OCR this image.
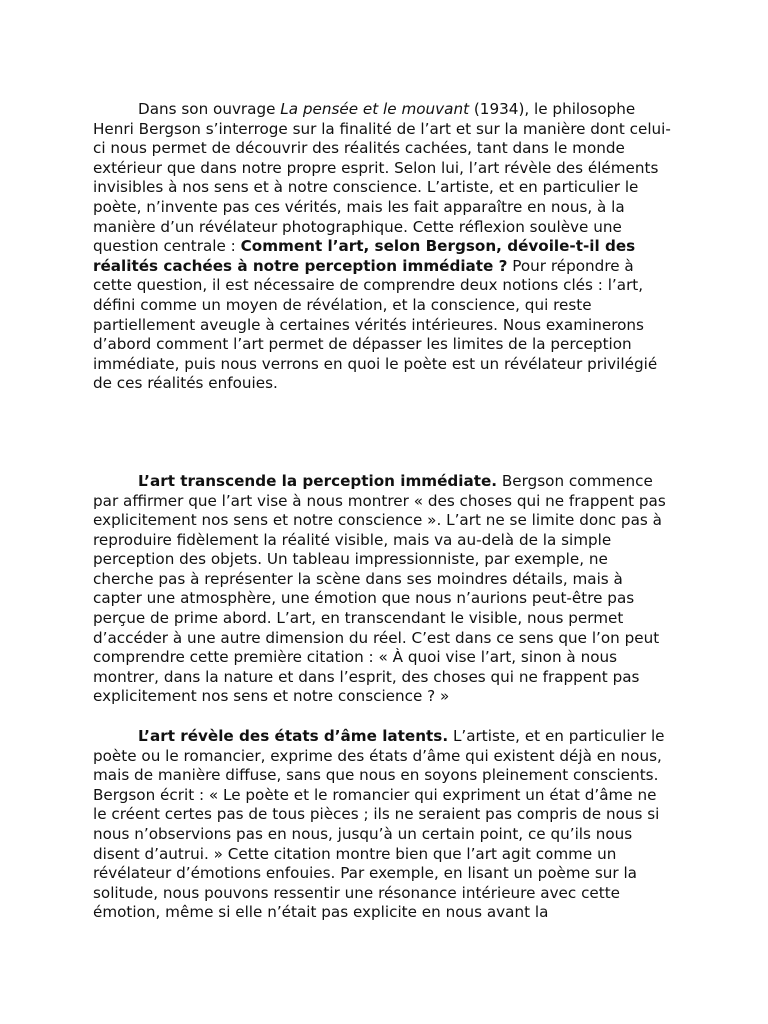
Dans son ouvrage La pensée et le mouvant (1934), le philosophe Henri Bergson s’interroge sur la finalité de l’art et sur la manière dont celui-ci nous permet de découvrir des réalités cachées, tant dans le monde extérieur que dans notre propre esprit. Selon lui, l’art révèle des éléments invisibles à nos sens et à notre conscience. L’artiste, et en particulier le poète, n’invente pas ces vérités, mais les fait apparaître en nous, à la manière d’un révélateur photographique. Cette réflexion soulève une question centrale : Comment l’art, selon Bergson, dévoile-t-il des réalités cachées à notre perception immédiate ? Pour répondre à cette question, il est nécessaire de comprendre deux notions clés : l’art, défini comme un moyen de révélation, et la conscience, qui reste partiellement aveugle à certaines vérités intérieures. Nous examinerons d’abord comment l’art permet de dépasser les limites de la perception immédiate, puis nous verrons en quoi le poète est un révélateur privilégié de ces réalités enfouies.

L’art transcende la perception immédiate. Bergson commence par affirmer que l’art vise à nous montrer « des choses qui ne frappent pas explicitement nos sens et notre conscience ». L’art ne se limite donc pas à reproduire fidèlement la réalité visible, mais va au-delà de la simple perception des objets. Un tableau impressionniste, par exemple, ne cherche pas à représenter la scène dans ses moindres détails, mais à capter une atmosphère, une émotion que nous n’aurions peut-être pas perçue de prime abord. L’art, en transcendant le visible, nous permet d’accéder à une autre dimension du réel. C’est dans ce sens que l’on peut comprendre cette première citation : « À quoi vise l’art, sinon à nous montrer, dans la nature et dans l’esprit, des choses qui ne frappent pas explicitement nos sens et notre conscience ? »

L’art révèle des états d’âme latents. L’artiste, et en particulier le poète ou le romancier, exprime des états d’âme qui existent déjà en nous, mais de manière diffuse, sans que nous en soyons pleinement conscients. Bergson écrit : « Le poète et le romancier qui expriment un état d’âme ne le créent certes pas de tous pièces ; ils ne seraient pas compris de nous si nous n’observions pas en nous, jusqu’à un certain point, ce qu’ils nous disent d’autrui. » Cette citation montre bien que l’art agit comme un révélateur d’émotions enfouies. Par exemple, en lisant un poème sur la solitude, nous pouvons ressentir une résonance intérieure avec cette émotion, même si elle n’était pas explicite en nous avant la
